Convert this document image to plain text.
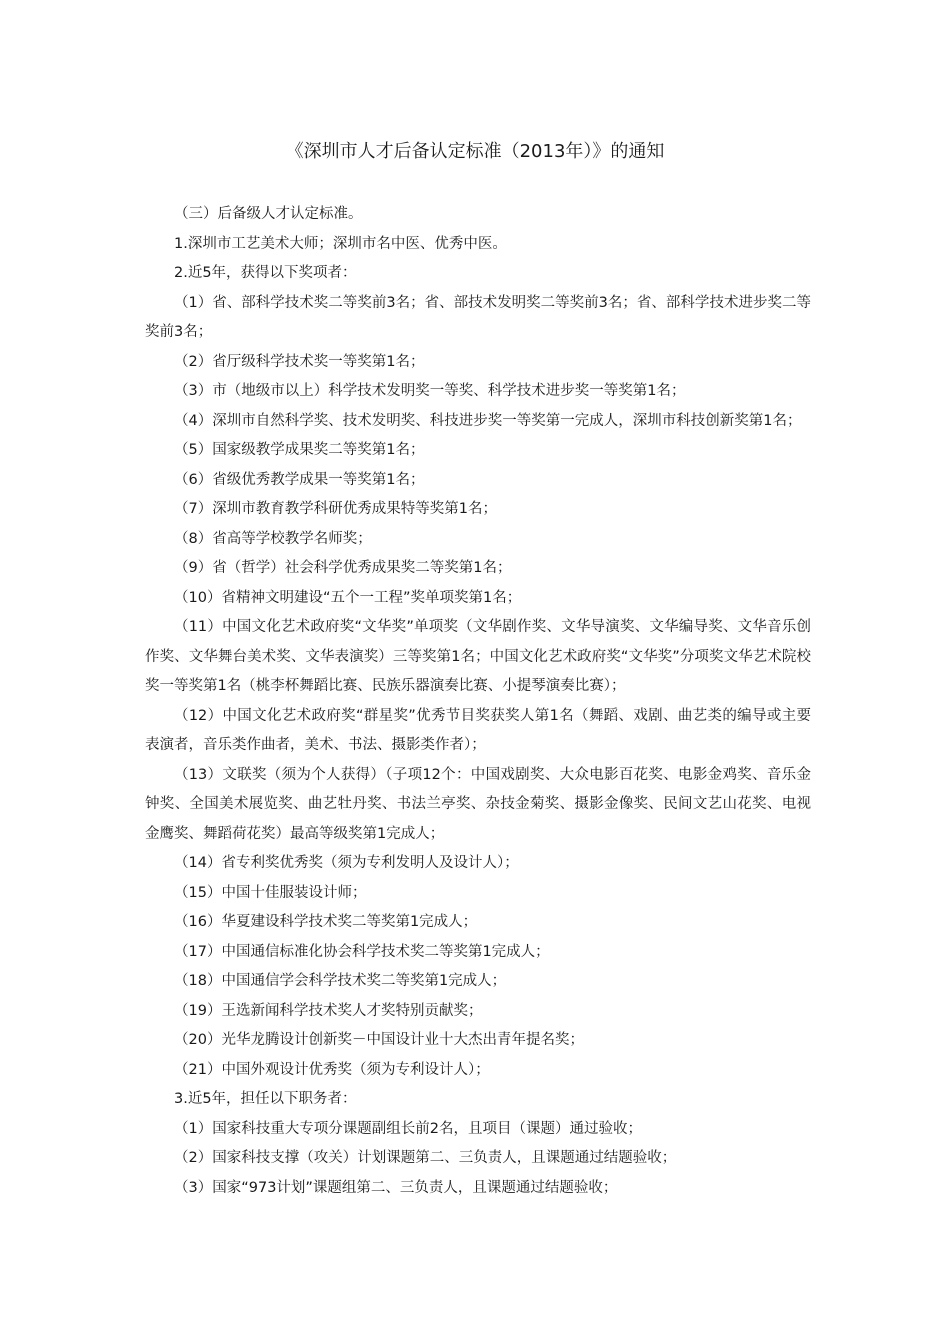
《深圳市人才后备认定标准（2013年）》的通知

（三）后备级人才认定标准。

1.深圳市工艺美术大师；深圳市名中医、优秀中医。

2.近5年，获得以下奖项者：

（1）省、部科学技术奖二等奖前3名；省、部技术发明奖二等奖前3名；省、部科学技术进步奖二等奖前3名；

（2）省厅级科学技术奖一等奖第1名；

（3）市（地级市以上）科学技术发明奖一等奖、科学技术进步奖一等奖第1名；

（4）深圳市自然科学奖、技术发明奖、科技进步奖一等奖第一完成人，深圳市科技创新奖第1名；

（5）国家级教学成果奖二等奖第1名；

（6）省级优秀教学成果一等奖第1名；

（7）深圳市教育教学科研优秀成果特等奖第1名；

（8）省高等学校教学名师奖；

（9）省（哲学）社会科学优秀成果奖二等奖第1名；

（10）省精神文明建设“五个一工程”奖单项奖第1名；

（11）中国文化艺术政府奖“文华奖”单项奖（文华剧作奖、文华导演奖、文华编导奖、文华音乐创作奖、文华舞台美术奖、文华表演奖）三等奖第1名；中国文化艺术政府奖“文华奖”分项奖文华艺术院校奖一等奖第1名（桃李杯舞蹈比赛、民族乐器演奏比赛、小提琴演奏比赛）；

（12）中国文化艺术政府奖“群星奖”优秀节目奖获奖人第1名（舞蹈、戏剧、曲艺类的编导或主要表演者，音乐类作曲者，美术、书法、摄影类作者）；

（13）文联奖（须为个人获得）（子项12个：中国戏剧奖、大众电影百花奖、电影金鸡奖、音乐金钟奖、全国美术展览奖、曲艺牡丹奖、书法兰亭奖、杂技金菊奖、摄影金像奖、民间文艺山花奖、电视金鹰奖、舞蹈荷花奖）最高等级奖第1完成人；

（14）省专利奖优秀奖（须为专利发明人及设计人）；

（15）中国十佳服装设计师；

（16）华夏建设科学技术奖二等奖第1完成人；

（17）中国通信标准化协会科学技术奖二等奖第1完成人；

（18）中国通信学会科学技术奖二等奖第1完成人；

（19）王选新闻科学技术奖人才奖特别贡献奖；

（20）光华龙腾设计创新奖－中国设计业十大杰出青年提名奖；

（21）中国外观设计优秀奖（须为专利设计人）；

3.近5年，担任以下职务者：

（1）国家科技重大专项分课题副组长前2名，且项目（课题）通过验收；

（2）国家科技支撑（攻关）计划课题第二、三负责人，且课题通过结题验收；

（3）国家“973计划”课题组第二、三负责人，且课题通过结题验收；
